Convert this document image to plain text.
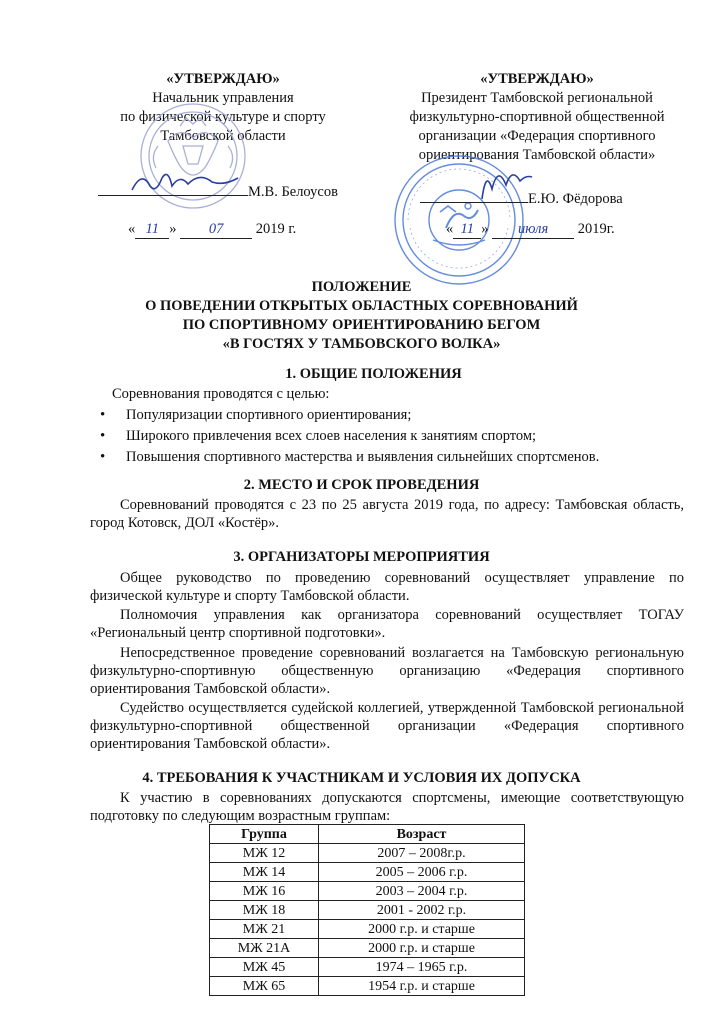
«УТВЕРЖДАЮ»
Начальник управления
по физической культуре и спорту
Тамбовской области
М.В. Белоусов
« 11 » 07 2019 г.
«УТВЕРЖДАЮ»
Президент Тамбовской региональной
физкультурно-спортивной общественной
организации «Федерация спортивного
ориентирования Тамбовской области»
Е.Ю. Фёдорова
« 11 » июля 2019г.
ПОЛОЖЕНИЕ
О ПОВЕДЕНИИ ОТКРЫТЫХ ОБЛАСТНЫХ СОРЕВНОВАНИЙ
ПО СПОРТИВНОМУ ОРИЕНТИРОВАНИЮ БЕГОМ
«В ГОСТЯХ У ТАМБОВСКОГО ВОЛКА»
1. ОБЩИЕ ПОЛОЖЕНИЯ
Соревнования проводятся с целью:
• Популяризации спортивного ориентирования;
• Широкого привлечения всех слоев населения к занятиям спортом;
• Повышения спортивного мастерства и выявления сильнейших спортсменов.
2. МЕСТО И СРОК ПРОВЕДЕНИЯ
Соревнований проводятся с 23 по 25 августа 2019 года, по адресу: Тамбовская область, город Котовск, ДОЛ «Костёр».
3. ОРГАНИЗАТОРЫ МЕРОПРИЯТИЯ
Общее руководство по проведению соревнований осуществляет управление по физической культуре и спорту Тамбовской области.
Полномочия управления как организатора соревнований осуществляет ТОГАУ «Региональный центр спортивной подготовки».
Непосредственное проведение соревнований возлагается на Тамбовскую региональную физкультурно-спортивную общественную организацию «Федерация спортивного ориентирования Тамбовской области».
Судейство осуществляется судейской коллегией, утвержденной Тамбовской региональной физкультурно-спортивной общественной организации «Федерация спортивного ориентирования Тамбовской области».
4. ТРЕБОВАНИЯ К УЧАСТНИКАМ И УСЛОВИЯ ИХ ДОПУСКА
К участию в соревнованиях допускаются спортсмены, имеющие соответствующую подготовку по следующим возрастным группам:
Группа	Возраст
МЖ 12	2007 – 2008г.р.
МЖ 14	2005 – 2006 г.р.
МЖ 16	2003 – 2004 г.р.
МЖ 18	2001 - 2002 г.р.
МЖ 21	2000 г.р. и старше
МЖ 21А	2000 г.р. и старше
МЖ 45	1974 – 1965 г.р.
МЖ 65	1954 г.р. и старше
